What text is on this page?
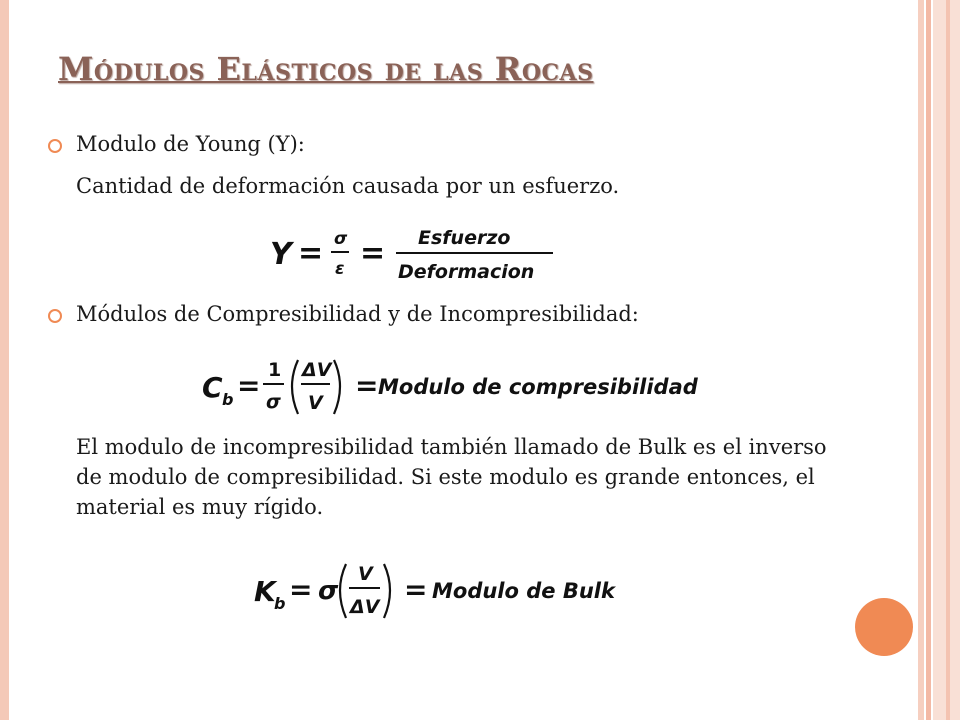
Módulos Elásticos de las Rocas
Modulo de Young (Y):
Cantidad de deformación causada por un esfuerzo.
Y = σ
ε = Esfuerzo
Deformacion
Módulos de Compresibilidad y de Incompresibilidad:
C b = 1
σ
ΔV
V
= Modulo de compresibilidad
El modulo de incompresibilidad también llamado de Bulk es el inverso de modulo de compresibilidad. Si este modulo es grande entonces, el material es muy rígido.
K
b = σ
V
ΔV
= Modulo de Bulk
